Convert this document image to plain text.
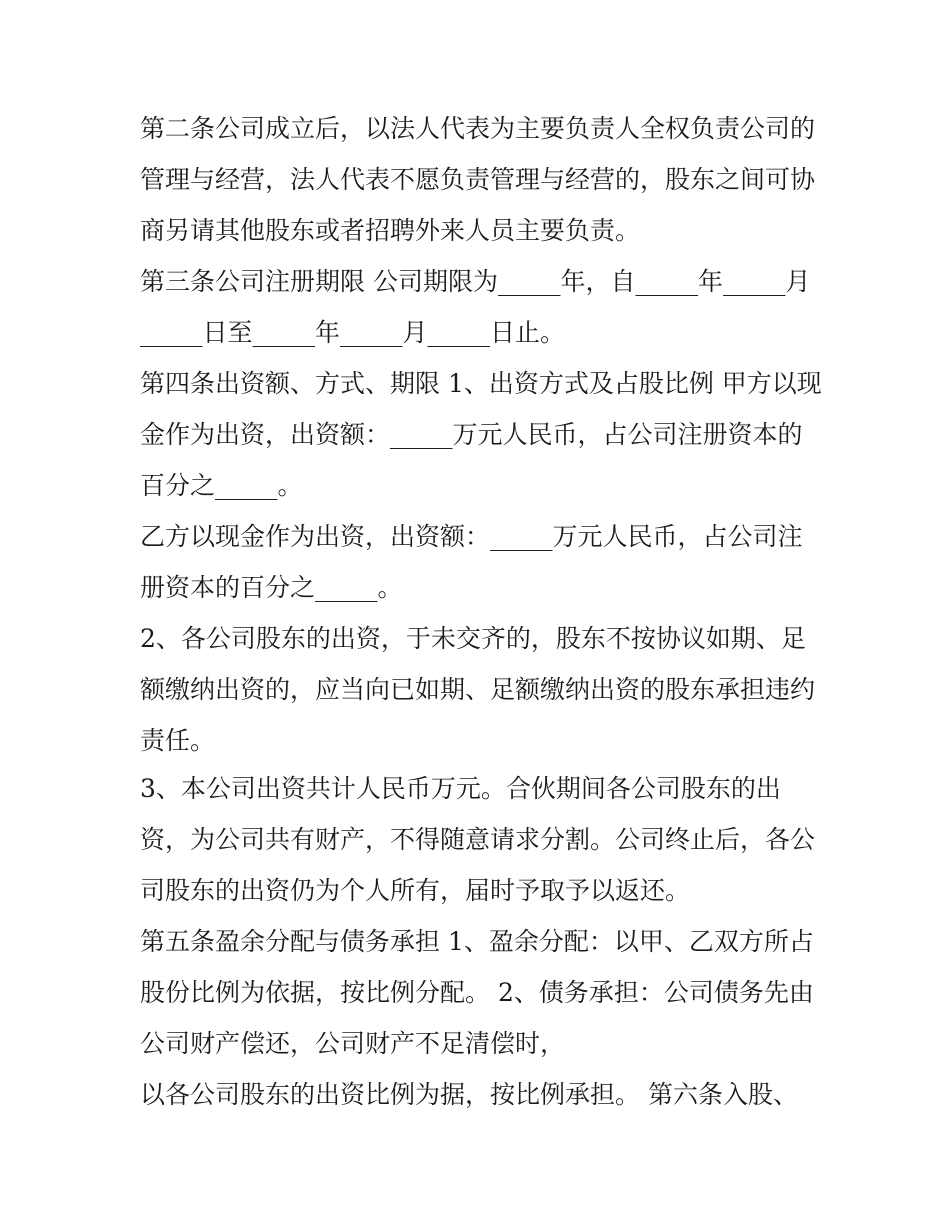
第二条公司成立后，以法人代表为主要负责人全权负责公司的
管理与经营，法人代表不愿负责管理与经营的，股东之间可协
商另请其他股东或者招聘外来人员主要负责。
第三条公司注册期限 公司期限为_____年，自_____年_____月
_____日至_____年_____月_____日止。
第四条出资额、方式、期限 1、出资方式及占股比例 甲方以现
金作为出资，出资额：_____万元人民币，占公司注册资本的
百分之_____。
乙方以现金作为出资，出资额：_____万元人民币，占公司注
册资本的百分之_____。
2、各公司股东的出资，于未交齐的，股东不按协议如期、足
额缴纳出资的，应当向已如期、足额缴纳出资的股东承担违约
责任。
3、本公司出资共计人民币万元。合伙期间各公司股东的出
资，为公司共有财产，不得随意请求分割。公司终止后，各公
司股东的出资仍为个人所有，届时予取予以返还。
第五条盈余分配与债务承担 1、盈余分配：以甲、乙双方所占
股份比例为依据，按比例分配。 2、债务承担：公司债务先由
公司财产偿还，公司财产不足清偿时，
以各公司股东的出资比例为据，按比例承担。 第六条入股、
